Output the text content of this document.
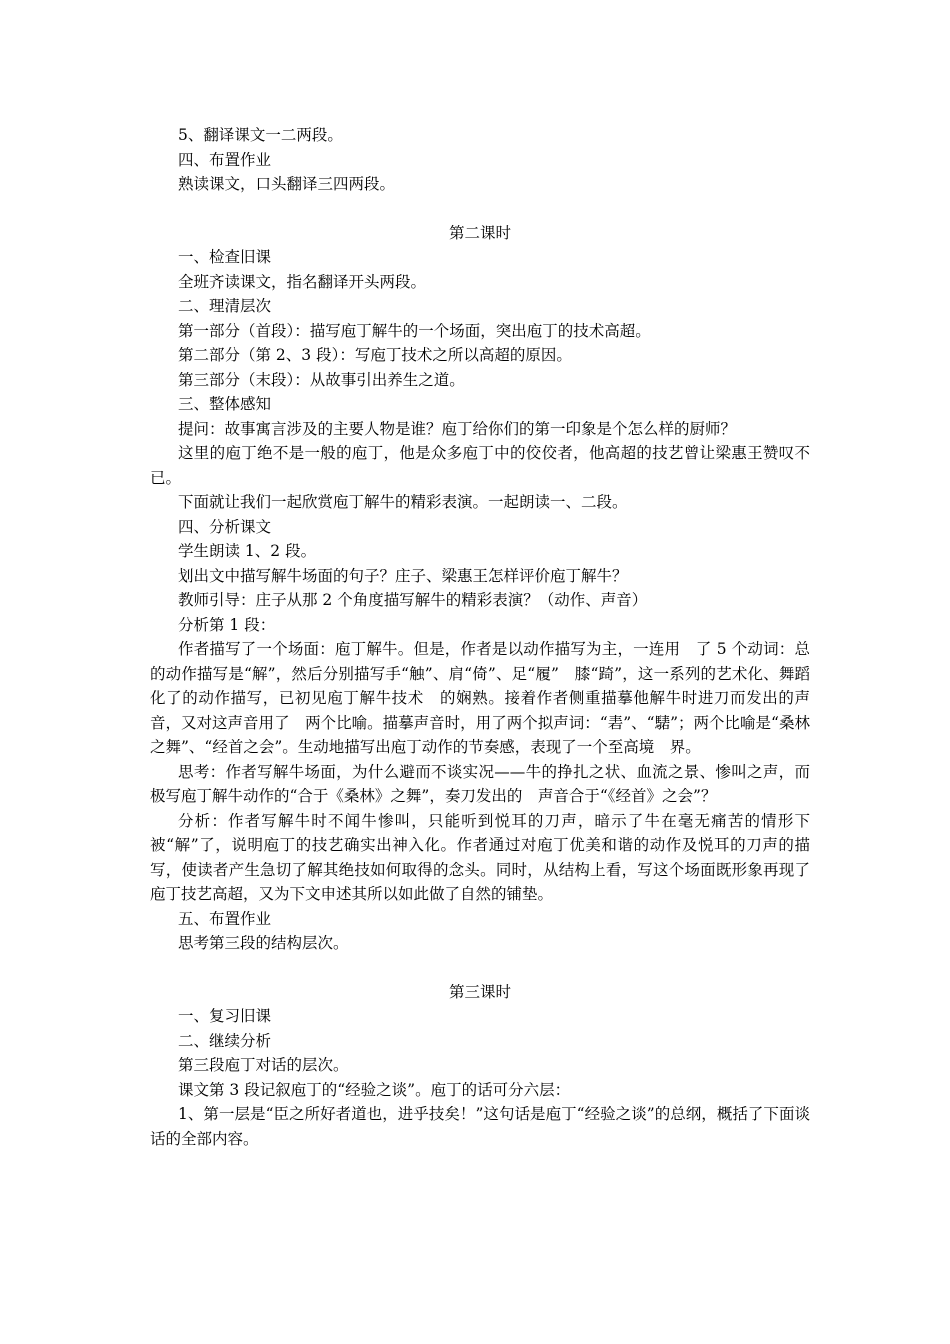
5、翻译课文一二两段。
四、布置作业
熟读课文，口头翻译三四两段。
第二课时
一、检查旧课
全班齐读课文，指名翻译开头两段。
二、理清层次
第一部分（首段）：描写庖丁解牛的一个场面，突出庖丁的技术高超。
第二部分（第 2、3 段）：写庖丁技术之所以高超的原因。
第三部分（末段）：从故事引出养生之道。
三、整体感知
提问：故事寓言涉及的主要人物是谁？庖丁给你们的第一印象是个怎么样的厨师？
这里的庖丁绝不是一般的庖丁，他是众多庖丁中的佼佼者，他高超的技艺曾让梁惠王赞叹不已。
下面就让我们一起欣赏庖丁解牛的精彩表演。一起朗读一、二段。
四、分析课文
学生朗读 1、2 段。
划出文中描写解牛场面的句子？庄子、梁惠王怎样评价庖丁解牛？
教师引导：庄子从那 2 个角度描写解牛的精彩表演？（动作、声音）
分析第 1 段：
作者描写了一个场面：庖丁解牛。但是，作者是以动作描写为主，一连用　了 5 个动词：总的动作描写是“解”，然后分别描写手“触”、肩“倚”、足“履”　膝“踦”，这一系列的艺术化、舞蹈化了的动作描写，已初见庖丁解牛技术　的娴熟。接着作者侧重描摹他解牛时进刀而发出的声音，又对这声音用了　两个比喻。描摹声音时，用了两个拟声词：“砉”、“騞”；两个比喻是“桑林　之舞”、“经首之会”。生动地描写出庖丁动作的节奏感，表现了一个至高境　界。
思考：作者写解牛场面，为什么避而不谈实况——牛的挣扎之状、血流之景、惨叫之声，而极写庖丁解牛动作的“合于《桑林》之舞”，奏刀发出的　声音合于“《经首》之会”？
分析：作者写解牛时不闻牛惨叫，只能听到悦耳的刀声，暗示了牛在毫无痛苦的情形下被“解”了，说明庖丁的技艺确实出神入化。作者通过对庖丁优美和谐的动作及悦耳的刀声的描写，使读者产生急切了解其绝技如何取得的念头。同时，从结构上看，写这个场面既形象再现了庖丁技艺高超，又为下文申述其所以如此做了自然的铺垫。
五、布置作业
思考第三段的结构层次。
第三课时
一、复习旧课
二、继续分析
第三段庖丁对话的层次。
课文第 3 段记叙庖丁的“经验之谈”。庖丁的话可分六层：
1、第一层是“臣之所好者道也，进乎技矣！”这句话是庖丁“经验之谈”的总纲，概括了下面谈话的全部内容。
